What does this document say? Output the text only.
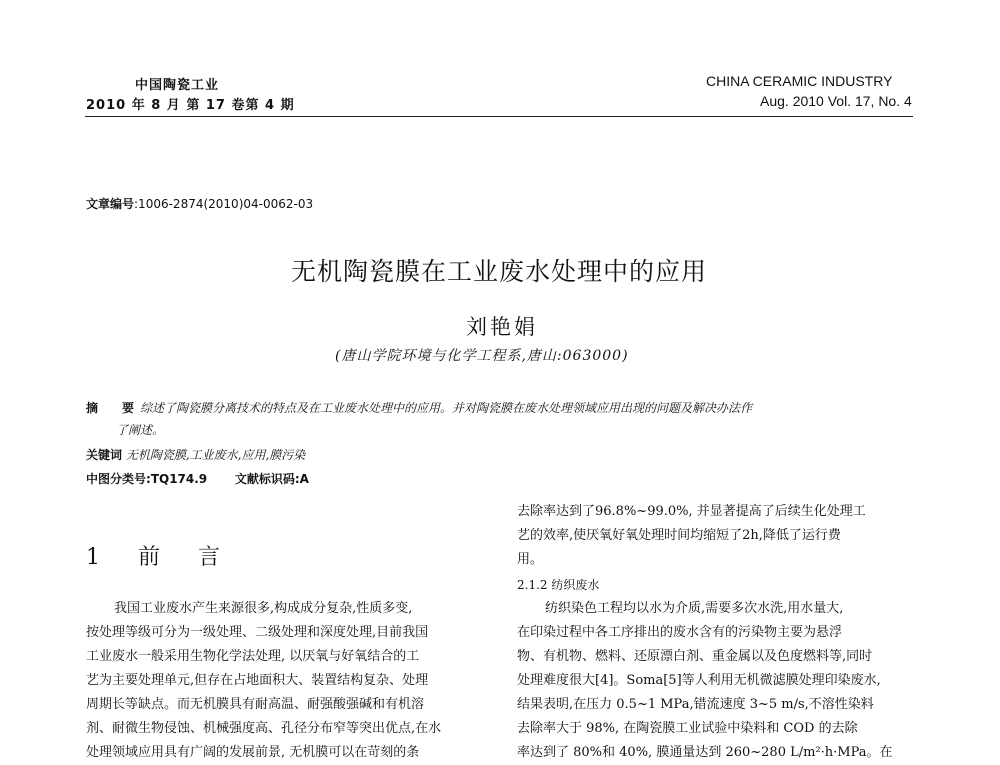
中国陶瓷工业
2010 年 8 月 第 17 卷第 4 期
CHINA CERAMIC INDUSTRY
Aug. 2010 Vol. 17, No. 4
文章编号:1006-2874(2010)04-0062-03
无机陶瓷膜在工业废水处理中的应用
刘艳娟
(唐山学院环境与化学工程系,唐山:063000)
摘　要 综述了陶瓷膜分离技术的特点及在工业废水处理中的应用。并对陶瓷膜在废水处理领域应用出现的问题及解决办法作
了阐述。
关键词 无机陶瓷膜,工业废水,应用,膜污染
中图分类号:TQ174.9 文献标识码:A
1　前　言
我国工业废水产生来源很多,构成成分复杂,性质多变,
按处理等级可分为一级处理、二级处理和深度处理,目前我国
工业废水一般采用生物化学法处理, 以厌氧与好氧结合的工
艺为主要处理单元,但存在占地面积大、装置结构复杂、处理
周期长等缺点。而无机膜具有耐高温、耐强酸强碱和有机溶
剂、耐微生物侵蚀、机械强度高、孔径分布窄等突出优点,在水
处理领域应用具有广阔的发展前景, 无机膜可以在苛刻的条
去除率达到了96.8%~99.0%, 并显著提高了后续生化处理工
艺的效率,使厌氧好氧处理时间均缩短了2h,降低了运行费
用。
2.1.2 纺织废水
纺织染色工程均以水为介质,需要多次水洗,用水量大,
在印染过程中各工序排出的废水含有的污染物主要为悬浮
物、有机物、燃料、还原漂白剂、重金属以及色度燃料等,同时
处理难度很大[4]。Soma[5]等人利用无机微滤膜处理印染废水,
结果表明,在压力 0.5~1 MPa,错流速度 3~5 m/s,不溶性染料
去除率大于 98%, 在陶瓷膜工业试验中染料和 COD 的去除
率达到了 80%和 40%, 膜通量达到 260~280 L/m²·h·MPa。在
